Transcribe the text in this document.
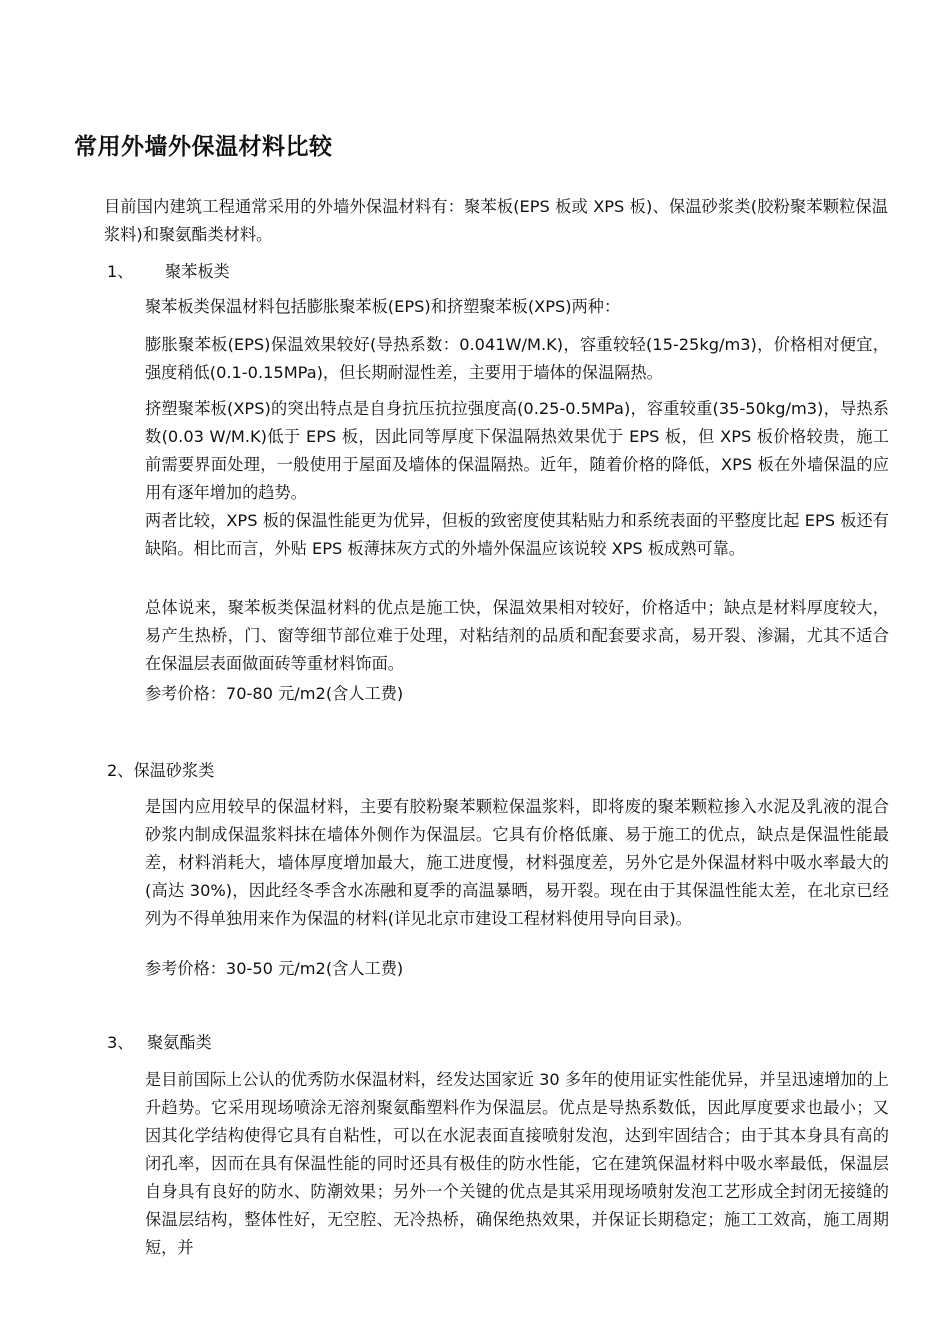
常用外墙外保温材料比较
目前国内建筑工程通常采用的外墙外保温材料有：聚苯板(EPS 板或 XPS 板)、保温砂浆类(胶粉聚苯颗粒保温浆料)和聚氨酯类材料。
1、 聚苯板类
聚苯板类保温材料包括膨胀聚苯板(EPS)和挤塑聚苯板(XPS)两种：
膨胀聚苯板(EPS)保温效果较好(导热系数：0.041W/M.K)，容重较轻(15-25kg/m3)，价格相对便宜，强度稍低(0.1-0.15MPa)，但长期耐湿性差，主要用于墙体的保温隔热。
挤塑聚苯板(XPS)的突出特点是自身抗压抗拉强度高(0.25-0.5MPa)，容重较重(35-50kg/m3)，导热系数(0.03 W/M.K)低于 EPS 板，因此同等厚度下保温隔热效果优于 EPS 板，但 XPS 板价格较贵，施工前需要界面处理，一般使用于屋面及墙体的保温隔热。近年，随着价格的降低，XPS 板在外墙保温的应用有逐年增加的趋势。
两者比较，XPS 板的保温性能更为优异，但板的致密度使其粘贴力和系统表面的平整度比起 EPS 板还有缺陷。相比而言，外贴 EPS 板薄抹灰方式的外墙外保温应该说较 XPS 板成熟可靠。
总体说来，聚苯板类保温材料的优点是施工快，保温效果相对较好，价格适中；缺点是材料厚度较大，易产生热桥，门、窗等细节部位难于处理，对粘结剂的品质和配套要求高，易开裂、渗漏，尤其不适合在保温层表面做面砖等重材料饰面。
参考价格：70-80 元/m2(含人工费)
2、保温砂浆类
是国内应用较早的保温材料，主要有胶粉聚苯颗粒保温浆料，即将废的聚苯颗粒掺入水泥及乳液的混合砂浆内制成保温浆料抹在墙体外侧作为保温层。它具有价格低廉、易于施工的优点，缺点是保温性能最差，材料消耗大，墙体厚度增加最大，施工进度慢，材料强度差，另外它是外保温材料中吸水率最大的(高达 30%)，因此经冬季含水冻融和夏季的高温暴晒，易开裂。现在由于其保温性能太差，在北京已经列为不得单独用来作为保温的材料(详见北京市建设工程材料使用导向目录)。
参考价格：30-50 元/m2(含人工费)
3、 聚氨酯类
是目前国际上公认的优秀防水保温材料，经发达国家近 30 多年的使用证实性能优异，并呈迅速增加的上升趋势。它采用现场喷涂无溶剂聚氨酯塑料作为保温层。优点是导热系数低，因此厚度要求也最小；又因其化学结构使得它具有自粘性，可以在水泥表面直接喷射发泡，达到牢固结合；由于其本身具有高的闭孔率，因而在具有保温性能的同时还具有极佳的防水性能，它在建筑保温材料中吸水率最低，保温层自身具有良好的防水、防潮效果；另外一个关键的优点是其采用现场喷射发泡工艺形成全封闭无接缝的保温层结构，整体性好，无空腔、无冷热桥，确保绝热效果，并保证长期稳定；施工工效高，施工周期短，并
